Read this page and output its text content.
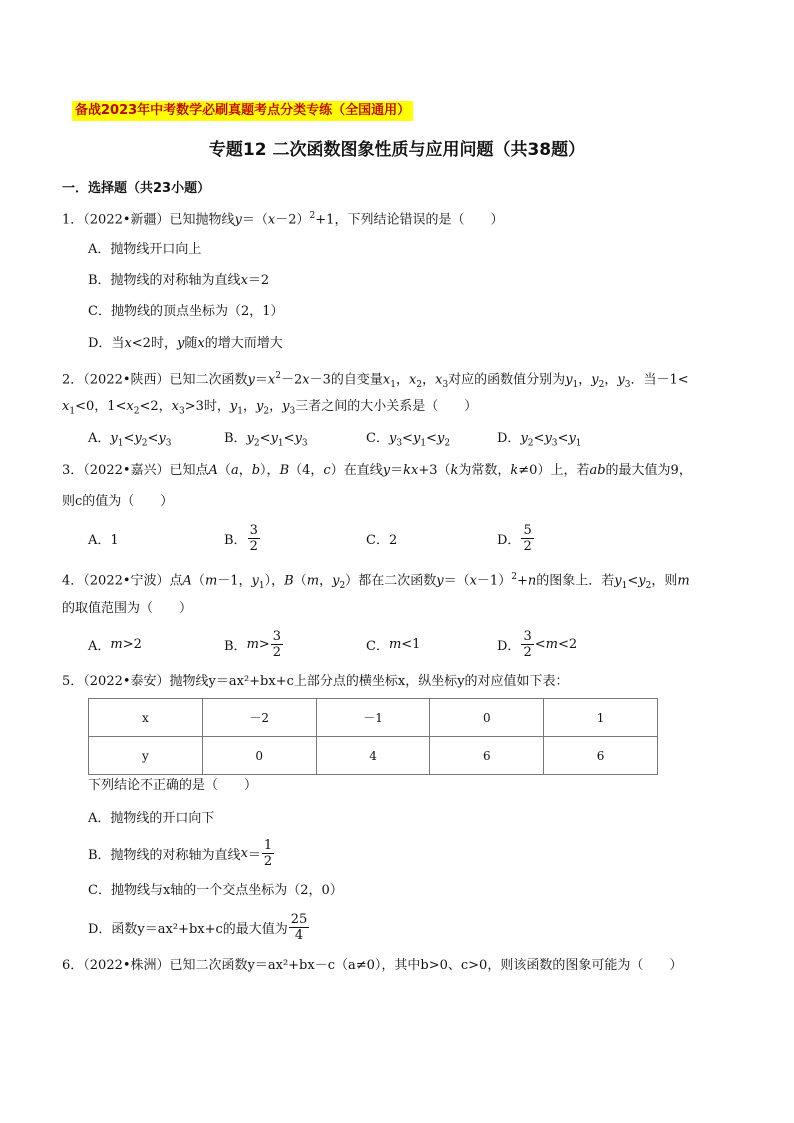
备战2023年中考数学必刷真题考点分类专练（全国通用）
专题12 二次函数图象性质与应用问题（共38题）
一．选择题（共23小题）
1．（2022•新疆）已知抛物线$y=(x-2)^2+1$，下列结论错误的是（　　）
A．抛物线开口向上
B．抛物线的对称轴为直线x＝2
C．抛物线的顶点坐标为（2，1）
D．当x<2时，y随x的增大而增大
2．（2022•陕西）已知二次函数$y=x^2-2x-3$的自变量$x_1$，$x_2$，$x_3$对应的函数值分别为$y_1$，$y_2$，$y_3$．当－1<
$x_1<0$，$1<x_2<2$，$x_3>3$时，$y_1$，$y_2$，$y_3$三者之间的大小关系是（　　）
A．$y_1<y_2<y_3$	B．$y_2<y_1<y_3$	C．$y_3<y_1<y_2$	D．$y_2<y_3<y_1$
3．（2022•嘉兴）已知点A（a，b），B（4，c）在直线y＝kx+3（k为常数，k≠0）上，若ab的最大值为9，
则c的值为（　　）
A．1	B． $\frac{3}{2}$	C．2	D． $\frac{5}{2}$
4．（2022•宁波）点A（m－1，$y_1$），B（m，$y_2$）都在二次函数$y=(x-1)^2+n$的图象上．若$y_1<y_2$，则m
的取值范围为（　　）
A． m >2	B． $m > \frac{3}{2}$	C． m <1	D． $\frac{3}{2} < m <2$
5．（2022•泰安）抛物线y＝ax²+bx+c上部分点的横坐标x，纵坐标y的对应值如下表：
x	－2	－1	0	1
y	0	4	6	6
下列结论不正确的是（　　）
A．抛物线的开口向下
B．抛物线的对称轴为直线 $x = \frac{1}{2}$
C．抛物线与x轴的一个交点坐标为（2，0）
D．函数y＝ax²+bx+c的最大值为 $\frac{25}{4}$
6．（2022•株洲）已知二次函数y＝ax²+bx－c（a≠0），其中b>0、c>0，则该函数的图象可能为（　　）
